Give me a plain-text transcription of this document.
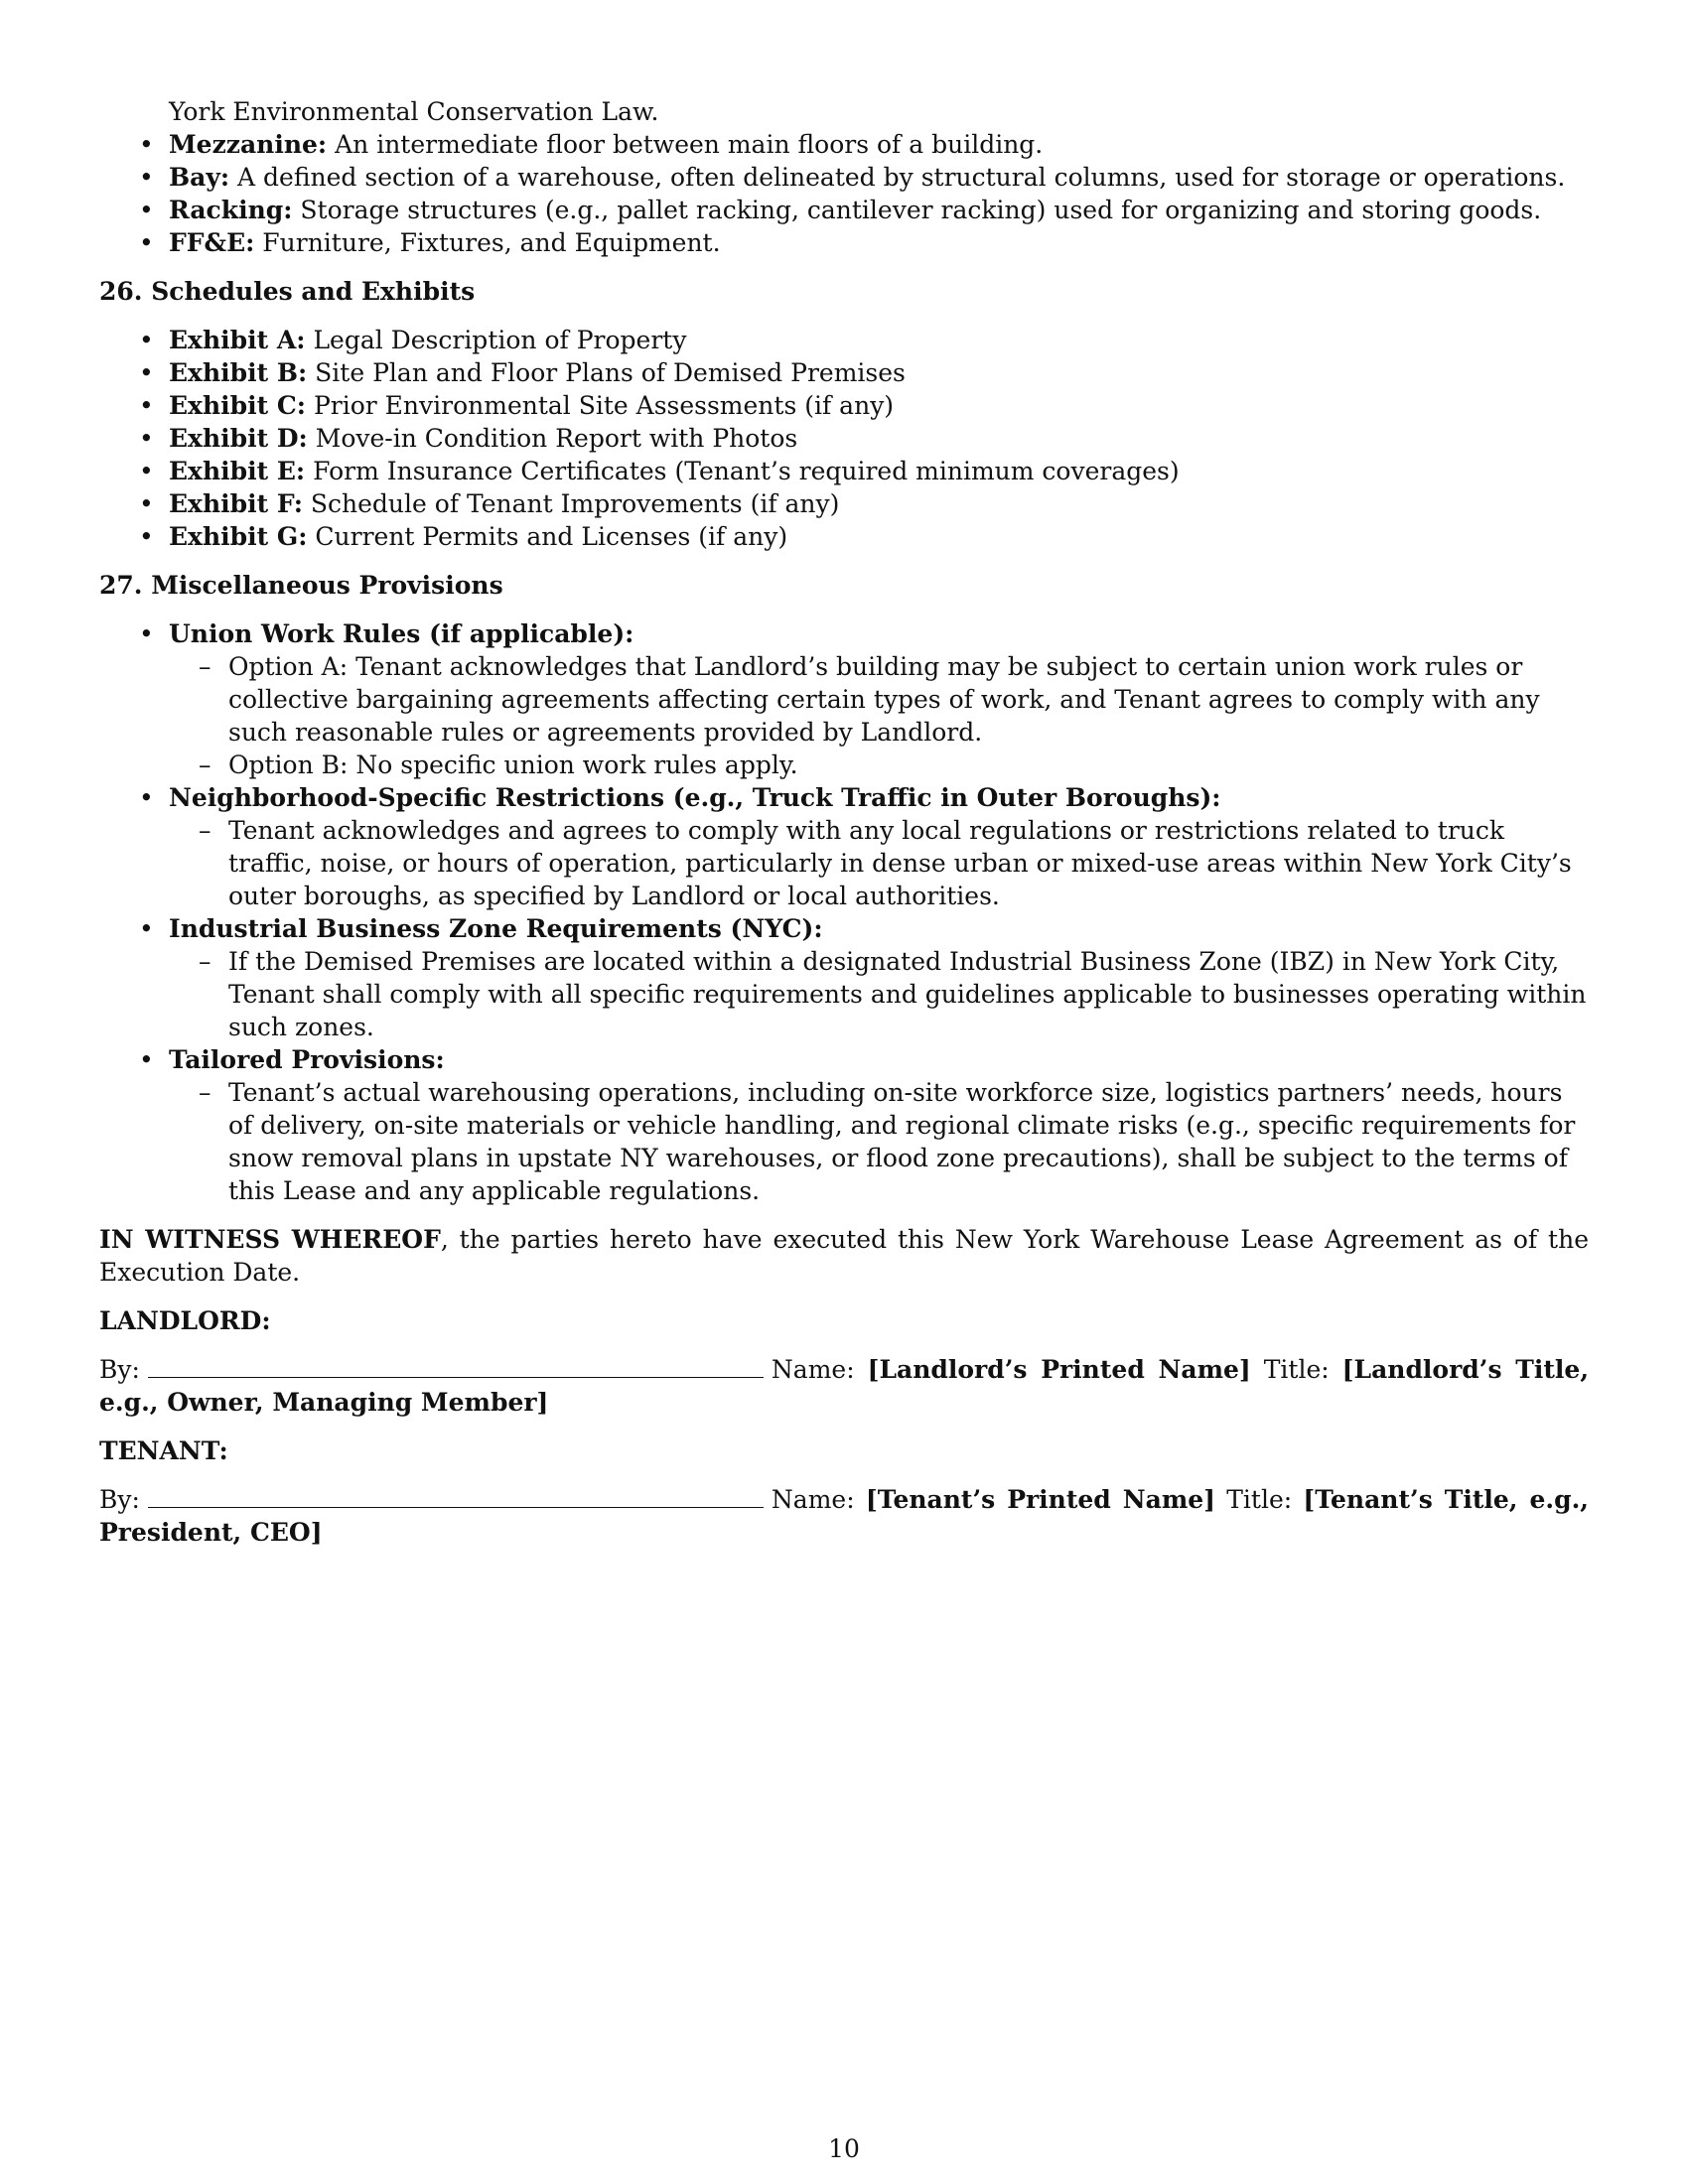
York Environmental Conservation Law.
• Mezzanine: An intermediate floor between main floors of a building.
• Bay: A defined section of a warehouse, often delineated by structural columns, used for storage or operations.
• Racking: Storage structures (e.g., pallet racking, cantilever racking) used for organizing and storing goods.
• FF&E: Furniture, Fixtures, and Equipment.
26. Schedules and Exhibits
• Exhibit A: Legal Description of Property
• Exhibit B: Site Plan and Floor Plans of Demised Premises
• Exhibit C: Prior Environmental Site Assessments (if any)
• Exhibit D: Move-in Condition Report with Photos
• Exhibit E: Form Insurance Certificates (Tenant’s required minimum coverages)
• Exhibit F: Schedule of Tenant Improvements (if any)
• Exhibit G: Current Permits and Licenses (if any)
27. Miscellaneous Provisions
• Union Work Rules (if applicable):
– Option A: Tenant acknowledges that Landlord’s building may be subject to certain union work rules or collective bargaining agreements affecting certain types of work, and Tenant agrees to comply with any such reasonable rules or agreements provided by Landlord.
– Option B: No specific union work rules apply.
• Neighborhood-Specific Restrictions (e.g., Truck Traffic in Outer Boroughs):
– Tenant acknowledges and agrees to comply with any local regulations or restrictions related to truck traffic, noise, or hours of operation, particularly in dense urban or mixed-use areas within New York City’s outer boroughs, as specified by Landlord or local authorities.
• Industrial Business Zone Requirements (NYC):
– If the Demised Premises are located within a designated Industrial Business Zone (IBZ) in New York City, Tenant shall comply with all specific requirements and guidelines applicable to businesses operating within such zones.
• Tailored Provisions:
– Tenant’s actual warehousing operations, including on-site workforce size, logistics partners’ needs, hours of delivery, on-site materials or vehicle handling, and regional climate risks (e.g., specific requirements for snow removal plans in upstate NY warehouses, or flood zone precautions), shall be subject to the terms of this Lease and any applicable regulations.
IN WITNESS WHEREOF, the parties hereto have executed this New York Warehouse Lease Agreement as of the Execution Date.
LANDLORD:
By:	Name: [Landlord’s Printed Name] Title: [Landlord’s Title, e.g., Owner, Managing Member]
TENANT:
By:	Name: [Tenant’s Printed Name] Title: [Tenant’s Title, e.g., President, CEO]
10
